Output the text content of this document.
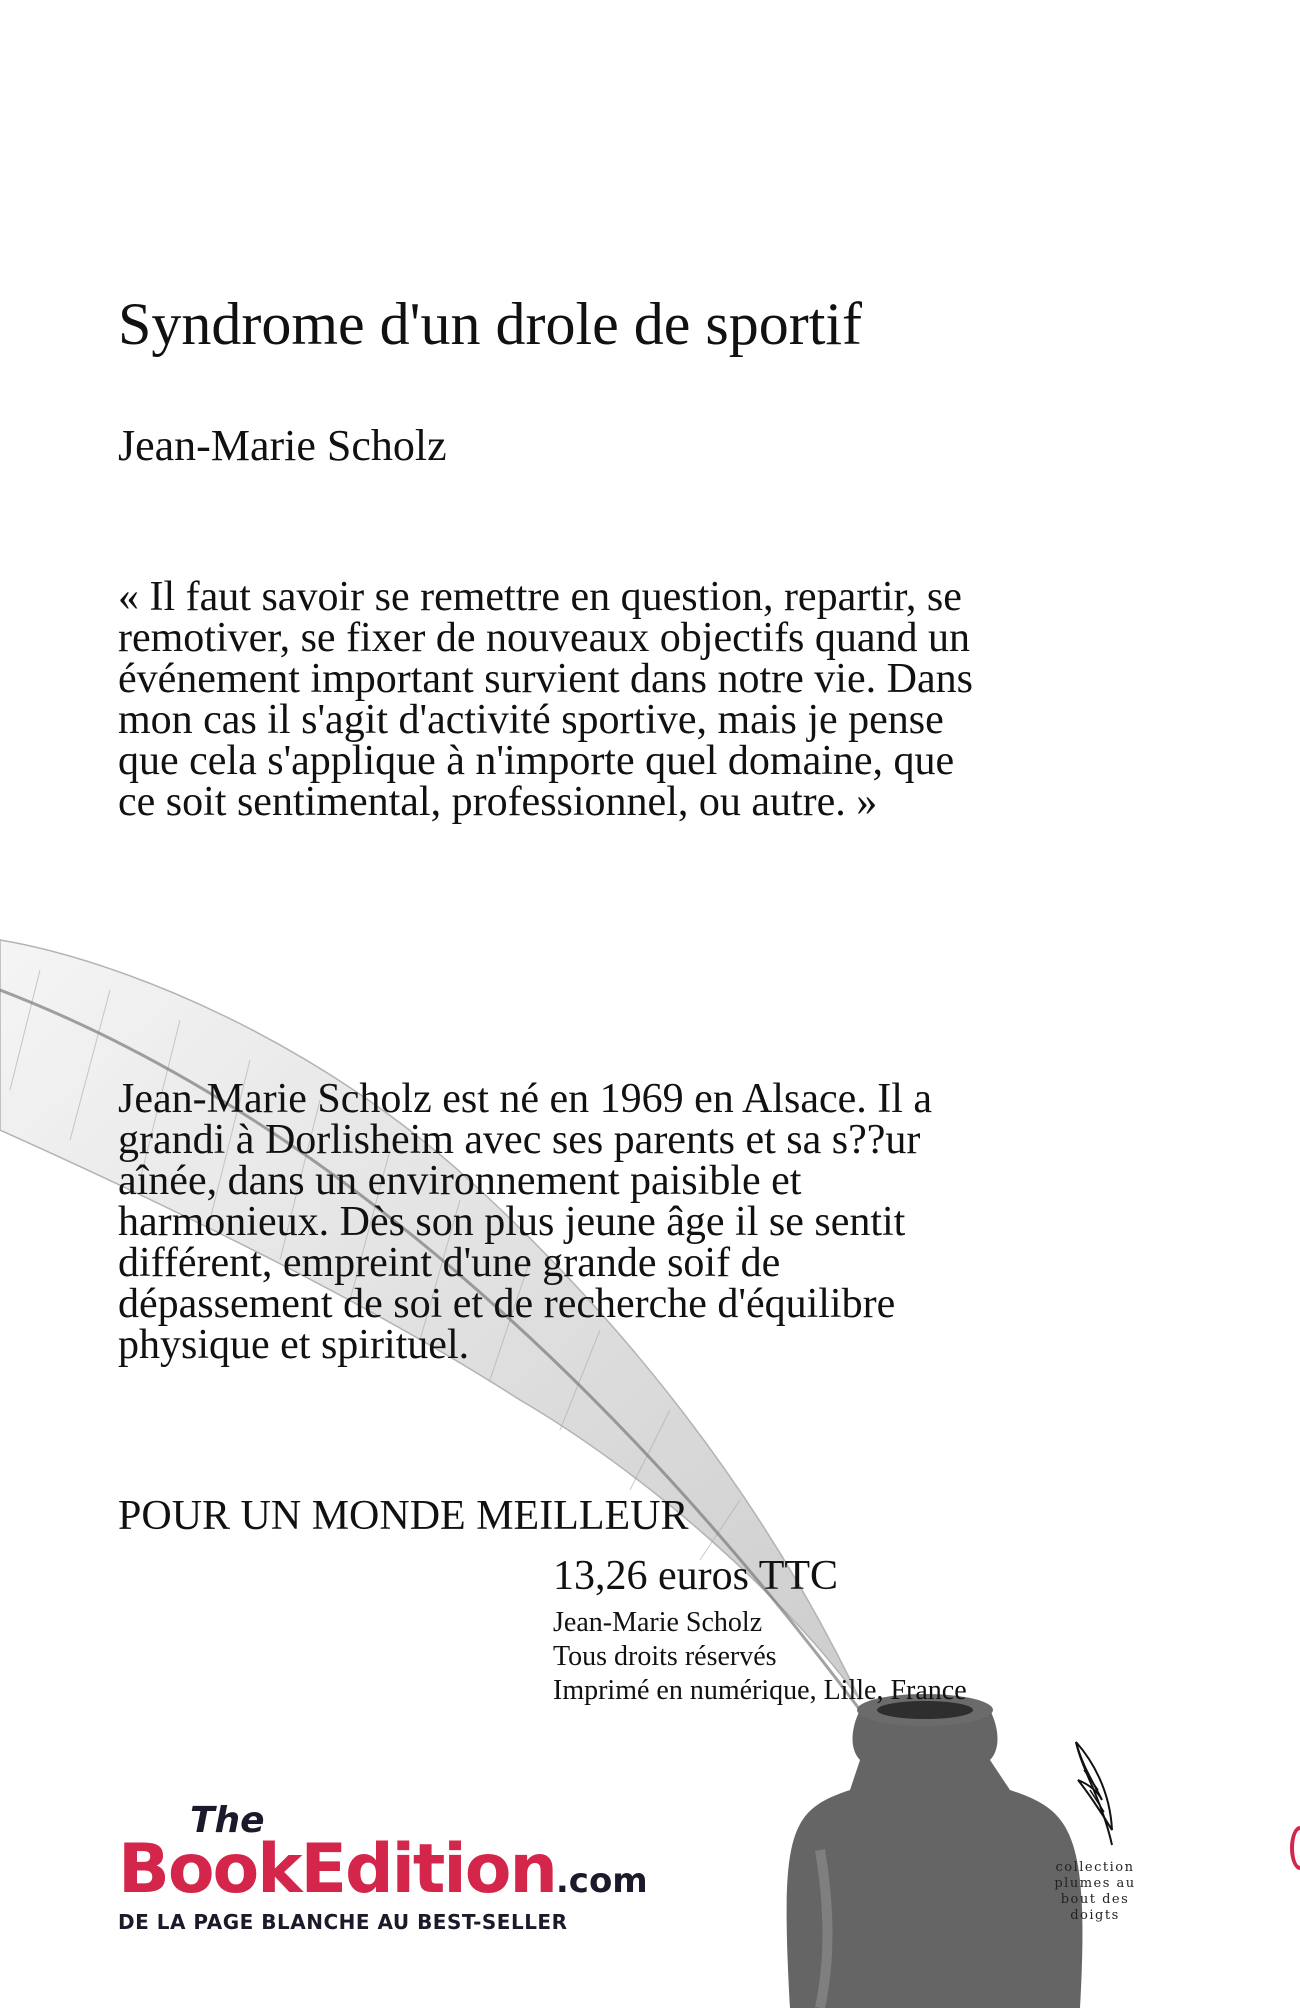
Syndrome d'un drole de sportif

Jean-Marie Scholz

« Il faut savoir se remettre en question, repartir, se remotiver, se fixer de nouveaux objectifs quand un événement important survient dans notre vie. Dans mon cas il s'agit d'activité sportive, mais je pense que cela s'applique à n'importe quel domaine, que ce soit sentimental, professionnel, ou autre. »

Jean-Marie Scholz est né en 1969 en Alsace. Il a grandi à Dorlisheim avec ses parents et sa s??ur aînée, dans un environnement paisible et harmonieux. Dès son plus jeune âge il se sentit différent, empreint d'une grande soif de dépassement de soi et de recherche d'équilibre physique et spirituel.

POUR UN MONDE MEILLEUR

13,26 euros TTC

Jean-Marie Scholz
Tous droits réservés
Imprimé en numérique, Lille, France
The
BookEdition.com
DE LA PAGE BLANCHE AU BEST-SELLER
collection
plumes au
bout des
doigts
